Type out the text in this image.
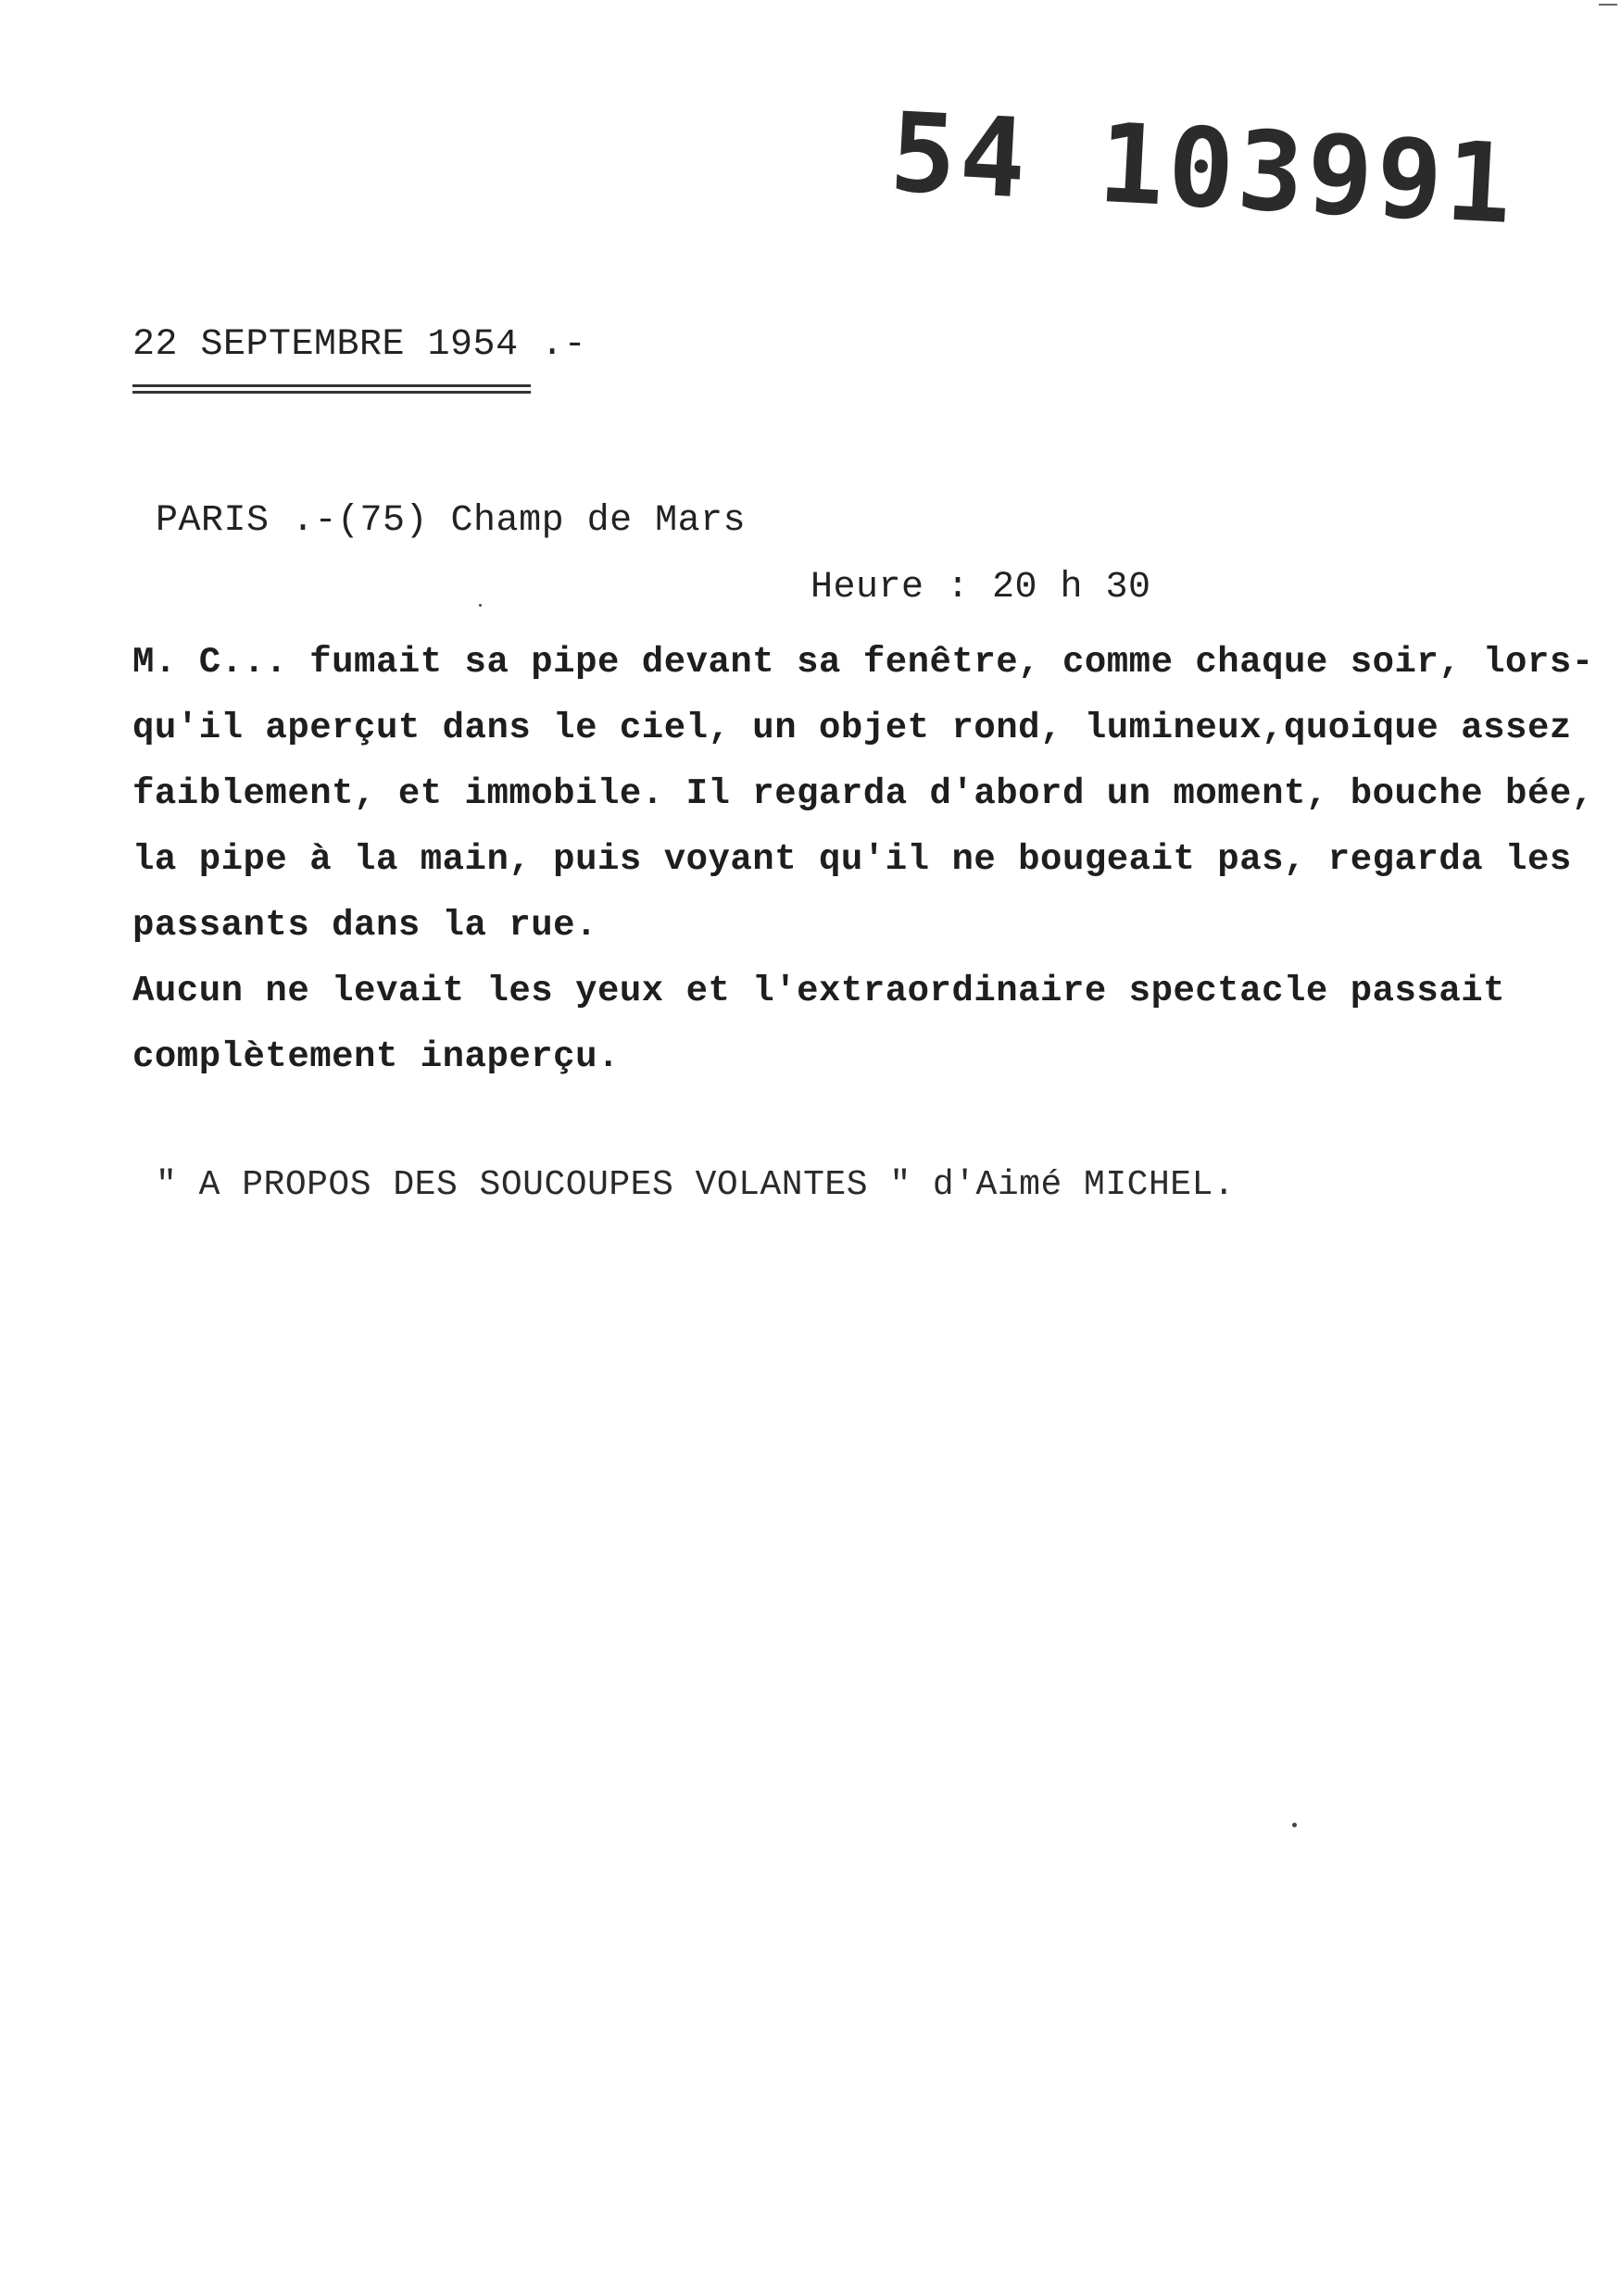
54 103991
22 SEPTEMBRE 1954 .-
PARIS .-(75) Champ de Mars
Heure : 20 h 30
M. C... fumait sa pipe devant sa fenêtre, comme chaque soir, lors-
qu'il aperçut dans le ciel, un objet rond, lumineux,quoique assez
faiblement, et immobile. Il regarda d'abord un moment, bouche bée,
la pipe à la main, puis voyant qu'il ne bougeait pas, regarda les
passants dans la rue.
Aucun ne levait les yeux et l'extraordinaire spectacle passait
complètement inaperçu.
" A PROPOS DES SOUCOUPES VOLANTES " d'Aimé MICHEL.
